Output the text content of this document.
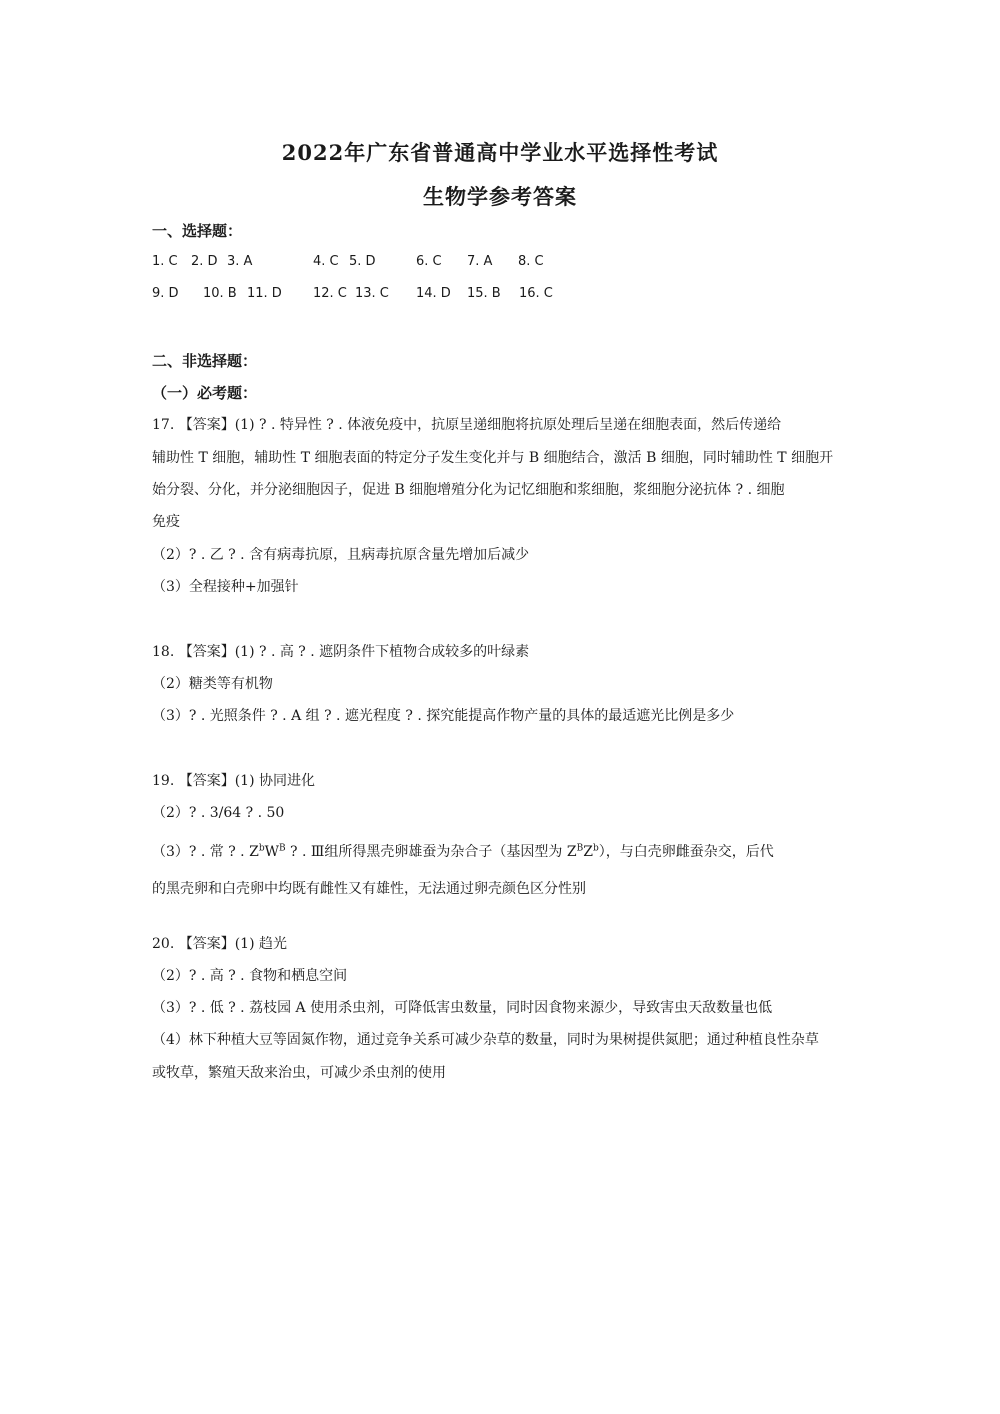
2022年广东省普通高中学业水平选择性考试
生物学参考答案
一、选择题：
1. C 2. D 3. A	4. C 5. D	6. C 7. A 8. C
9. D 10. B 11. D 12. C 13. C 14. D 15. B 16. C
二、非选择题：
（一）必考题：
17. 【答案】(1) ? . 特异性 ? . 体液免疫中，抗原呈递细胞将抗原处理后呈递在细胞表面，然后传递给
辅助性 T 细胞，辅助性 T 细胞表面的特定分子发生变化并与 B 细胞结合，激活 B 细胞，同时辅助性 T 细胞开
始分裂、分化，并分泌细胞因子，促进 B 细胞增殖分化为记忆细胞和浆细胞，浆细胞分泌抗体 ? . 细胞
免疫
（2）? . 乙 ? . 含有病毒抗原，且病毒抗原含量先增加后减少
（3）全程接种+加强针
18. 【答案】(1) ? . 高 ? . 遮阴条件下植物合成较多的叶绿素
（2）糖类等有机物
（3）? . 光照条件 ? . A 组 ? . 遮光程度 ? . 探究能提高作物产量的具体的最适遮光比例是多少
19. 【答案】(1) 协同进化
（2）? . 3/64 ? . 50
（3）? . 常 ? . $Z^bW^B$ ? . Ⅲ组所得黑壳卵雄蚕为杂合子（基因型为 $Z^BZ^b$），与白壳卵雌蚕杂交，后代
的黑壳卵和白壳卵中均既有雌性又有雄性，无法通过卵壳颜色区分性别
20. 【答案】(1) 趋光
（2）? . 高 ? . 食物和栖息空间
（3）? . 低 ? . 荔枝园 A 使用杀虫剂，可降低害虫数量，同时因食物来源少，导致害虫天敌数量也低
（4）林下种植大豆等固氮作物，通过竞争关系可减少杂草的数量，同时为果树提供氮肥；通过种植良性杂草
或牧草，繁殖天敌来治虫，可减少杀虫剂的使用
